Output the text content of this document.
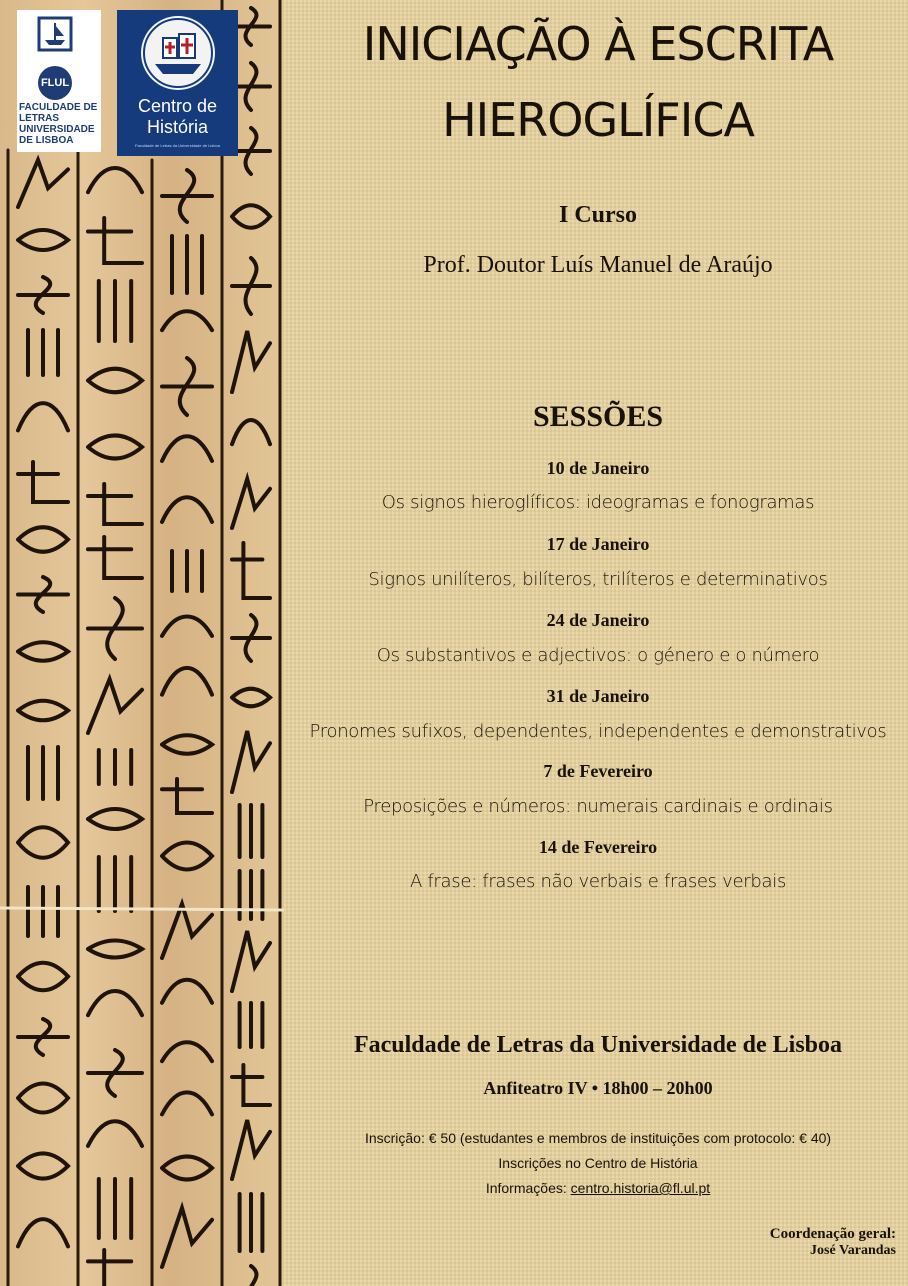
FLUL
FACULDADE DE LETRAS UNIVERSIDADE DE LISBOA
Centro de História
Faculdade de Letras da Universidade de Lisboa
INICIAÇÃO À ESCRITA
HIEROGLÍFICA
I Curso
Prof. Doutor Luís Manuel de Araújo
SESSÕES
10 de Janeiro
Os signos hieroglíficos: ideogramas e fonogramas
17 de Janeiro
Signos unilíteros, bilíteros, trilíteros e determinativos
24 de Janeiro
Os substantivos e adjectivos: o género e o número
31 de Janeiro
Pronomes sufixos, dependentes, independentes e demonstrativos
7 de Fevereiro
Preposições e números: numerais cardinais e ordinais
14 de Fevereiro
A frase: frases não verbais e frases verbais
Faculdade de Letras da Universidade de Lisboa
Anfiteatro IV • 18h00 – 20h00
Inscrição: € 50 (estudantes e membros de instituições com protocolo: € 40)
Inscrições no Centro de História
Informações: centro.historia@fl.ul.pt
Coordenação geral:
José Varandas
